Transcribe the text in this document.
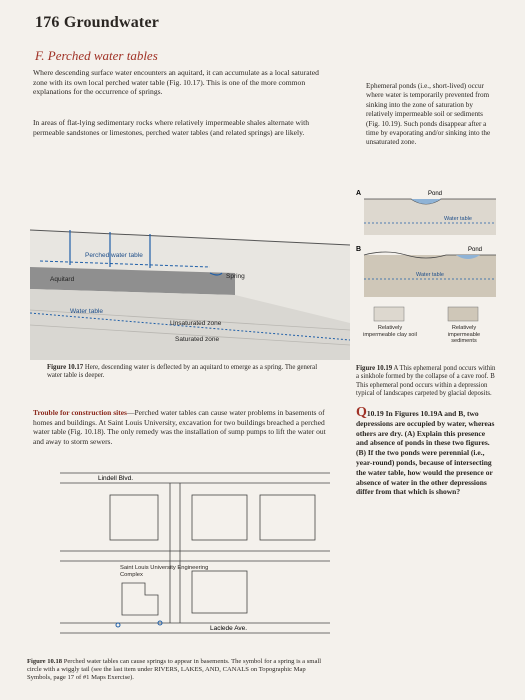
176 Groundwater
F. Perched water tables
Where descending surface water encounters an aquitard, it can accumulate as a local saturated zone with its own local perched water table (Fig. 10.17). This is one of the more common explanations for the occurrence of springs.
In areas of flat-lying sedimentary rocks where relatively impermeable shales alternate with permeable sandstones or limestones, perched water tables (and related springs) are likely.
Ephemeral ponds (i.e., short-lived) occur where water is temporarily prevented from sinking into the zone of saturation by relatively impermeable soil or sediments (Fig. 10.19). Such ponds disappear after a time by evaporating and/or sinking into the unsaturated zone.
Perched water table
Aquitard	Spring
Water table
Unsaturated zone
Saturated zone
A	Pond
Water table
B	Pond
Water table
Relatively impermeable clay soil
Relatively impermeable sediments
Figure 10.17 Here, descending water is deflected by an aquitard to emerge as a spring. The general water table is deeper.
Figure 10.19 A This ephemeral pond occurs within a sinkhole formed by the collapse of a cave roof. B This ephemeral pond occurs within a depression typical of landscapes carpeted by glacial deposits.
Trouble for construction sites—Perched water tables can cause water problems in basements of homes and buildings. At Saint Louis University, excavation for two buildings breached a perched water table (Fig. 10.18). The only remedy was the installation of sump pumps to lift the water out and away to storm sewers.
Q10.19 In Figures 10.19A and B, two depressions are occupied by water, whereas others are dry. (A) Explain this presence and absence of ponds in these two figures. (B) If the two ponds were perennial (i.e., year-round) ponds, because of intersecting the water table, how would the presence or absence of water in the other depressions differ from that which is shown?
Lindell Blvd.
Laclede Ave.
Saint Louis University Engineering Complex
Figure 10.18 Perched water tables can cause springs to appear in basements. The symbol for a spring is a small circle with a wiggly tail (see the last item under RIVERS, LAKES, AND, CANALS on Topographic Map Symbols, page 17 of #1 Maps Exercise).
